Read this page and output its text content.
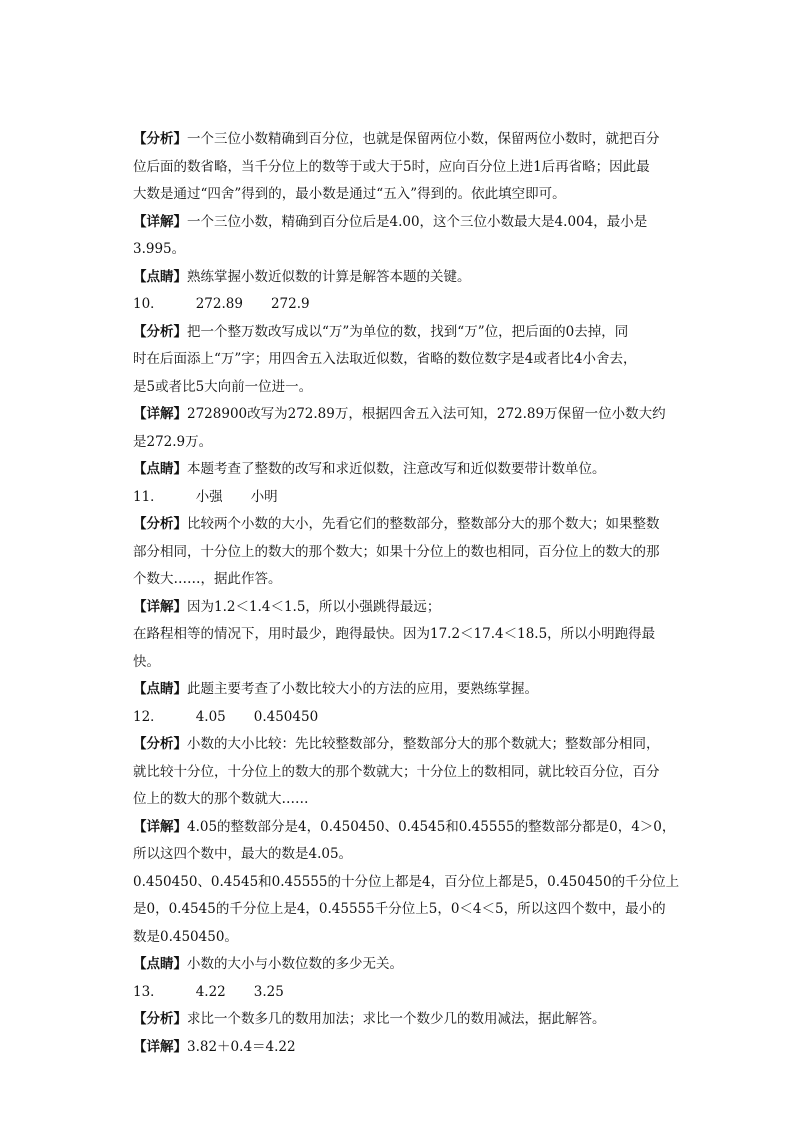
【分析】一个三位小数精确到百分位，也就是保留两位小数，保留两位小数时，就把百分
位后面的数省略，当千分位上的数等于或大于5时，应向百分位上进1后再省略；因此最
大数是通过“四舍”得到的，最小数是通过“五入”得到的。依此填空即可。
【详解】一个三位小数，精确到百分位后是4.00，这个三位小数最大是4.004，最小是
3.995。
【点睛】熟练掌握小数近似数的计算是解答本题的关键。
10． 272.89 272.9
【分析】把一个整万数改写成以“万”为单位的数，找到“万”位，把后面的0去掉，同
时在后面添上“万”字；用四舍五入法取近似数，省略的数位数字是4或者比4小舍去，
是5或者比5大向前一位进一。
【详解】2728900改写为272.89万，根据四舍五入法可知，272.89万保留一位小数大约
是272.9万。
【点睛】本题考查了整数的改写和求近似数，注意改写和近似数要带计数单位。
11． 小强 小明
【分析】比较两个小数的大小，先看它们的整数部分，整数部分大的那个数大；如果整数
部分相同，十分位上的数大的那个数大；如果十分位上的数也相同，百分位上的数大的那
个数大……，据此作答。
【详解】因为1.2＜1.4＜1.5，所以小强跳得最远；
在路程相等的情况下，用时最少，跑得最快。因为17.2＜17.4＜18.5，所以小明跑得最
快。
【点睛】此题主要考查了小数比较大小的方法的应用，要熟练掌握。
12． 4.05 0.450450
【分析】小数的大小比较：先比较整数部分，整数部分大的那个数就大；整数部分相同，
就比较十分位，十分位上的数大的那个数就大；十分位上的数相同，就比较百分位，百分
位上的数大的那个数就大……
【详解】4.05的整数部分是4，0.450450、0.4545和0.45555的整数部分都是0，4＞0，
所以这四个数中，最大的数是4.05。
0.450450、0.4545和0.45555的十分位上都是4，百分位上都是5，0.450450的千分位上
是0，0.4545的千分位上是4，0.45555千分位上5，0＜4＜5，所以这四个数中，最小的
数是0.450450。
【点睛】小数的大小与小数位数的多少无关。
13． 4.22 3.25
【分析】求比一个数多几的数用加法；求比一个数少几的数用减法，据此解答。
【详解】3.82＋0.4＝4.22
